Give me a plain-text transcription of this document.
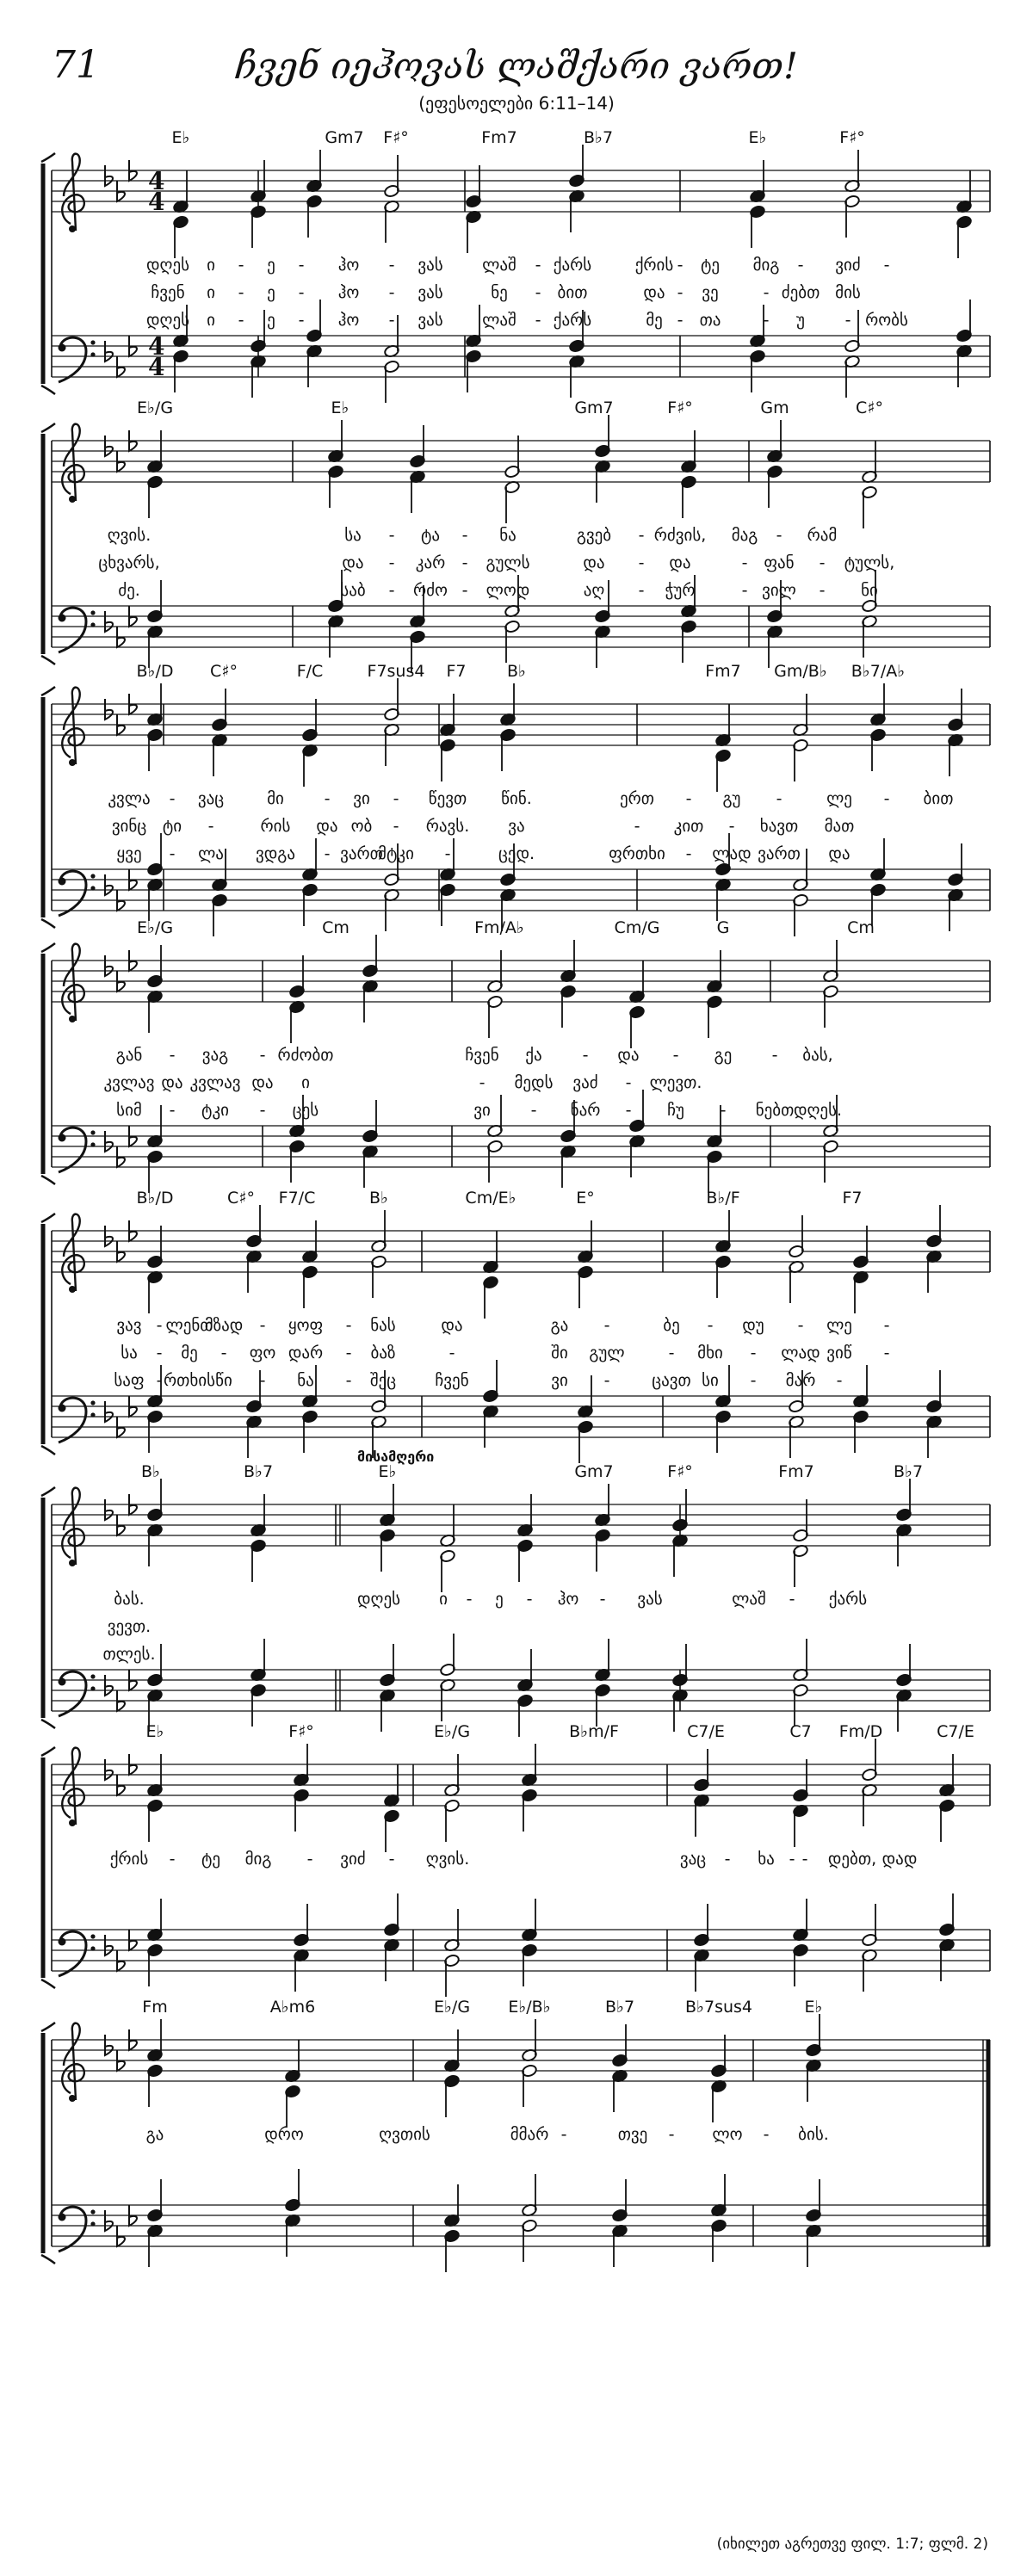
71	ჩვენ იეჰოვას ლაშქარი ვართ!
(ეფესოელები 6:11–14)
(იხილეთ აგრეთვე ფილ. 1:7; ფლმ. 2)
4
4
4
4
E♭	Gm7 F♯°	Fm7	B♭7	E♭	F♯°
დღეს ი - ე - ჰო - ვას ლაშ - ქარს	ქრის - ტე მიგ - ვიძ -
ჩვენ ი - ე - ჰო - ვას	ნე - ბით	და - ვე	- ძებთ მის
დღეს ი - ე - ჰო - ვას ლაშ - ქარს	მე - თა	- უ - რობს
E♭/G	E♭	Gm7	F♯°	Gm	C♯°
ღვის.	სა - ტა - ნა	გვებ - რძვის, მაგ - რამ
ცხვარს,	და - კარ - გულს	და - და	- ფან - ტულს,
ძე.	საბ - რძო - ლოდ	აღ - ჭურ	- ვილ - ნი
B♭/D C♯°	F/C	F7sus4 F7 B♭	Fm7 Gm/B♭ B♭7/A♭
კვლა - ვაც	მი - ვი - წევთ წინ.	ერთ - გუ -	ლე - ბით
ვინც ტი -	რის და ობ - რავს. ვა	- კით - ხავთ მათ
ყვე - ლა ვდგა - ვართ
მტკი -	ცედ.	ფრთხი - ლად ვართ და
E♭/G	Cm	Fm/A♭	Cm/G	G	Cm
გან - ვაგ - რძობთ	ჩვენ ქა - და - გე - ბას,
კვლავ და კვლავ და ი	- მედს ვაძ - ლევთ.
სიმ - ტკი - ცეს	ვი - ნარ - ჩუ - ნებთ დღეს.
B♭/D	C♯° F7/C	B♭	Cm/E♭	E°	B♭/F	F7
ვავ - ლენთ
მზად - ყოფ - ნას	და	გა -	ბე - დუ - ლე -
სა - მე - ფო დარ - ბაზ	-	ში გულ	- მხი - ლად ვიწ -
საფ - რთხის წი - ნა - შეც ჩვენ	ვი -	ცავთ სი - მარ -
B♭	B♭7	E♭	Gm7	F♯°	Fm7	B♭7
ბას.	დღეს ი - ე - ჰო - ვას	ლაშ - ქარს
ვევთ.
თლეს.
მისამღერი
E♭	F♯°	E♭/G	B♭m/F	C7/E	C7 Fm/D	C7/E
ქრის - ტე მიგ - ვიძ - ღვის.	ვაც - ხა - დებთ, დად
-
Fm	A♭m6	E♭/G E♭/B♭	B♭7	B♭7sus4	E♭
გა	დრო	ღვთის	მმარ -	თვე - ლო - ბის.
